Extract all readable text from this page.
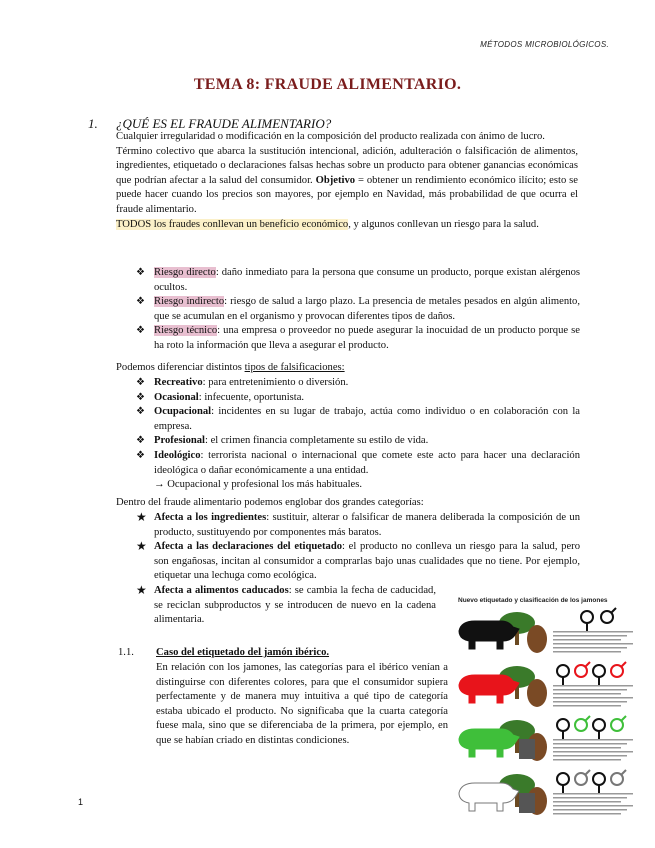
MÉTODOS MICROBIOLÓGICOS.
TEMA 8: FRAUDE ALIMENTARIO.
1. ¿QUÉ ES EL FRAUDE ALIMENTARIO?
Cualquier irregularidad o modificación en la composición del producto realizada con ánimo de lucro.
Término colectivo que abarca la sustitución intencional, adición, adulteración o falsificación de alimentos, ingredientes, etiquetado o declaraciones falsas hechas sobre un producto para obtener ganancias económicas que podrían afectar a la salud del consumidor. Objetivo = obtener un rendimiento económico ilícito; esto se puede hacer cuando los precios son mayores, por ejemplo en Navidad, más probabilidad de que ocurra el fraude alimentario.
TODOS los fraudes conllevan un beneficio económico, y algunos conllevan un riesgo para la salud.
❖ Riesgo directo: daño inmediato para la persona que consume un producto, porque existan alérgenos ocultos.
❖ Riesgo indirecto: riesgo de salud a largo plazo. La presencia de metales pesados en algún alimento, que se acumulan en el organismo y provocan diferentes tipos de daños.
❖ Riesgo técnico: una empresa o proveedor no puede asegurar la inocuidad de un producto porque se ha roto la información que lleva a asegurar el producto.
Podemos diferenciar distintos tipos de falsificaciones:
❖ Recreativo: para entretenimiento o diversión.
❖ Ocasional: infecuente, oportunista.
❖ Ocupacional: incidentes en su lugar de trabajo, actúa como individuo o en colaboración con la empresa.
❖ Profesional: el crimen financia completamente su estilo de vida.
❖ Ideológico: terrorista nacional o internacional que comete este acto para hacer una declaración ideológica o dañar económicamente a una entidad.
→ Ocupacional y profesional los más habituales.
Dentro del fraude alimentario podemos englobar dos grandes categorías:
★ Afecta a los ingredientes: sustituir, alterar o falsificar de manera deliberada la composición de un producto, sustituyendo por componentes más baratos.
★ Afecta a las declaraciones del etiquetado: el producto no conlleva un riesgo para la salud, pero son engañosas, incitan al consumidor a comprarlas bajo unas cualidades que no tiene. Por ejemplo, etiquetar una lechuga como ecológica.
★ Afecta a alimentos caducados: se cambia la fecha de caducidad, se reciclan subproductos y se introducen de nuevo en la cadena alimentaria.
1.1. Caso del etiquetado del jamón ibérico.
En relación con los jamones, las categorías para el ibérico venían a distinguirse con diferentes colores, para que el consumidor supiera perfectamente y de manera muy intuitiva a qué tipo de categoría estaba ubicado el producto. No significaba que la cuarta categoría fuese mala, sino que se diferenciaba de la primera, por ejemplo, en que se habían criado en distintas condiciones.
Nuevo etiquetado y clasificación de los jamones
1
